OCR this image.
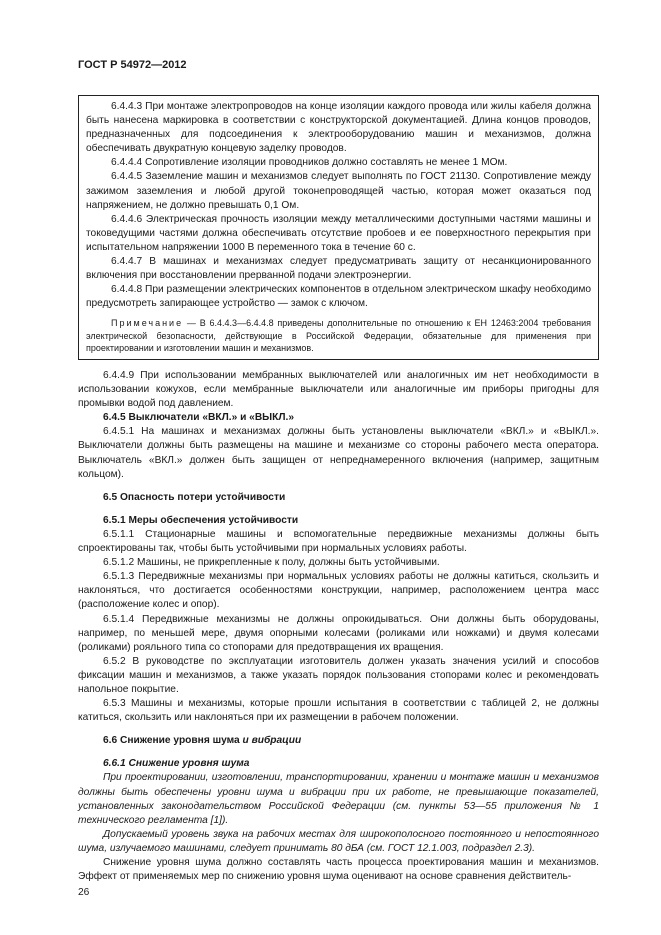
ГОСТ Р 54972—2012

6.4.4.3 При монтаже электропроводов на конце изоляции каждого провода или жилы кабеля должна быть нанесена маркировка в соответствии с конструкторской документацией. Длина концов проводов, предназначенных для подсоединения к электрооборудованию машин и механизмов, должна обеспечивать двукратную концевую заделку проводов.

6.4.4.4 Сопротивление изоляции проводников должно составлять не менее 1 МОм.

6.4.4.5 Заземление машин и механизмов следует выполнять по ГОСТ 21130. Сопротивление между зажимом заземления и любой другой токонепроводящей частью, которая может оказаться под напряжением, не должно превышать 0,1 Ом.

6.4.4.6 Электрическая прочность изоляции между металлическими доступными частями машины и токоведущими частями должна обеспечивать отсутствие пробоев и ее поверхностного перекрытия при испытательном напряжении 1000 В переменного тока в течение 60 с.

6.4.4.7 В машинах и механизмах следует предусматривать защиту от несанкционированного включения при восстановлении прерванной подачи электроэнергии.

6.4.4.8 При размещении электрических компонентов в отдельном электрическом шкафу необходимо предусмотреть запирающее устройство — замок с ключом.

Примечание — В 6.4.4.3—6.4.4.8 приведены дополнительные по отношению к ЕН 12463:2004 требования электрической безопасности, действующие в Российской Федерации, обязательные для применения при проектировании и изготовлении машин и механизмов.

6.4.4.9 При использовании мембранных выключателей или аналогичных им нет необходимости в использовании кожухов, если мембранные выключатели или аналогичные им приборы пригодны для промывки водой под давлением.

6.4.5 Выключатели «ВКЛ.» и «ВЫКЛ.»

6.4.5.1 На машинах и механизмах должны быть установлены выключатели «ВКЛ.» и «ВЫКЛ.». Выключатели должны быть размещены на машине и механизме со стороны рабочего места оператора. Выключатель «ВКЛ.» должен быть защищен от непреднамеренного включения (например, защитным кольцом).

6.5 Опасность потери устойчивости

6.5.1 Меры обеспечения устойчивости

6.5.1.1 Стационарные машины и вспомогательные передвижные механизмы должны быть спроектированы так, чтобы быть устойчивыми при нормальных условиях работы.

6.5.1.2 Машины, не прикрепленные к полу, должны быть устойчивыми.

6.5.1.3 Передвижные механизмы при нормальных условиях работы не должны катиться, скользить и наклоняться, что достигается особенностями конструкции, например, расположением центра масс (расположение колес и опор).

6.5.1.4 Передвижные механизмы не должны опрокидываться. Они должны быть оборудованы, например, по меньшей мере, двумя опорными колесами (роликами или ножками) и двумя колесами (роликами) рояльного типа со стопорами для предотвращения их вращения.

6.5.2 В руководстве по эксплуатации изготовитель должен указать значения усилий и способов фиксации машин и механизмов, а также указать порядок пользования стопорами колес и рекомендовать напольное покрытие.

6.5.3 Машины и механизмы, которые прошли испытания в соответствии с таблицей 2, не должны катиться, скользить или наклоняться при их размещении в рабочем положении.

6.6 Снижение уровня шума и вибрации

6.6.1 Снижение уровня шума

При проектировании, изготовлении, транспортировании, хранении и монтаже машин и механизмов должны быть обеспечены уровни шума и вибрации при их работе, не превышающие показателей, установленных законодательством Российской Федерации (см. пункты 53—55 приложения № 1 технического регламента [1]).

Допускаемый уровень звука на рабочих местах для широкополосного постоянного и непостоянного шума, излучаемого машинами, следует принимать 80 дБА (см. ГОСТ 12.1.003, подраздел 2.3).

Снижение уровня шума должно составлять часть процесса проектирования машин и механизмов. Эффект от применяемых мер по снижению уровня шума оценивают на основе сравнения действитель-

26
